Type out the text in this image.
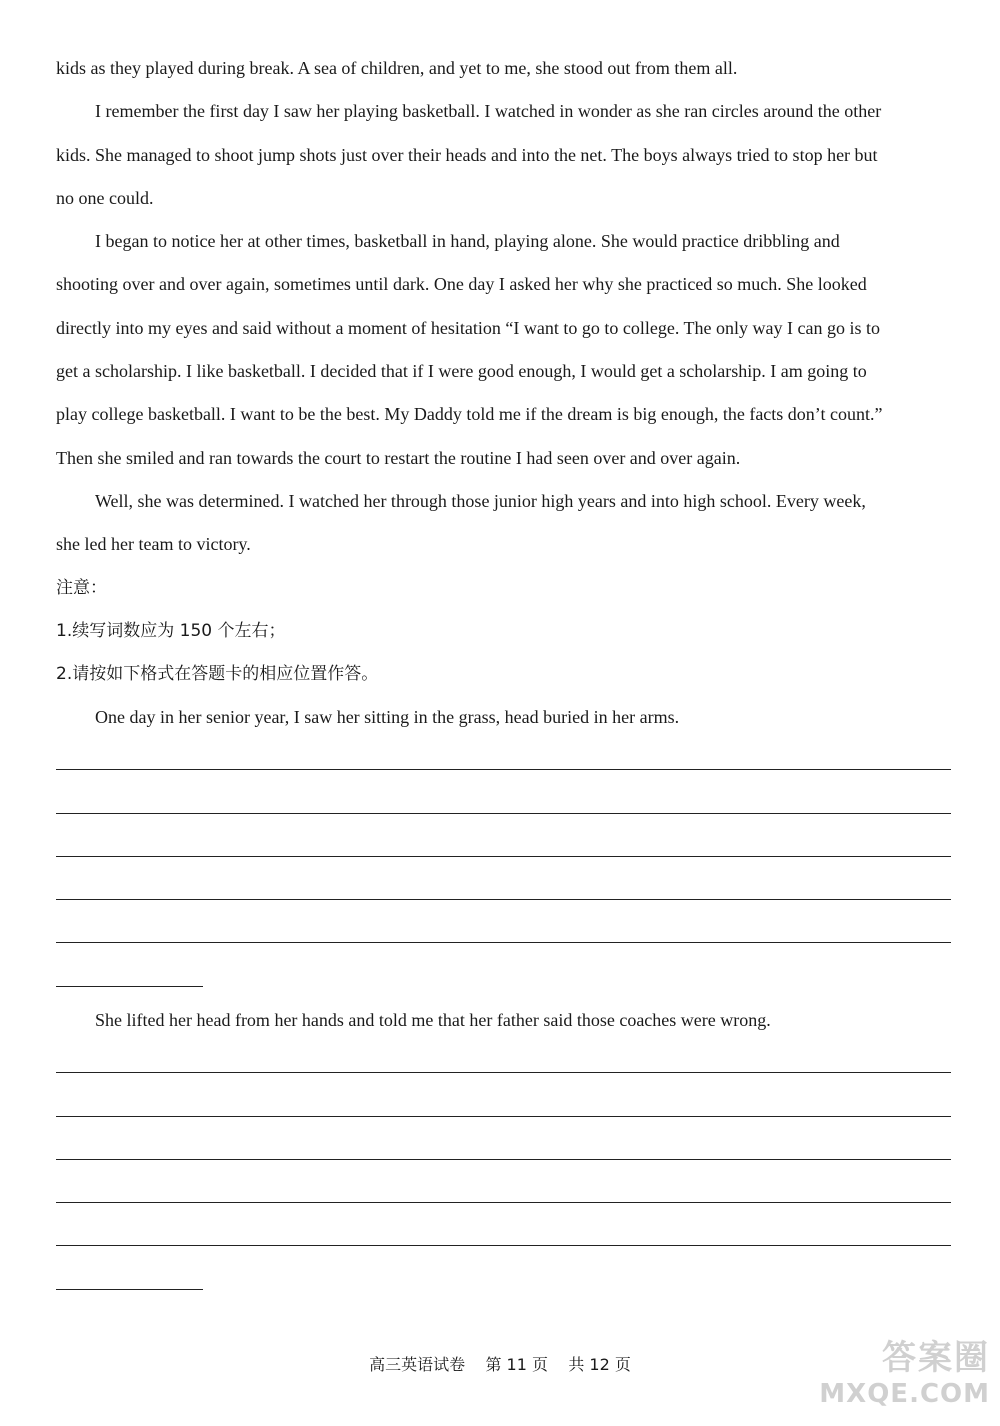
kids as they played during break. A sea of children, and yet to me, she stood out from them all.
I remember the first day I saw her playing basketball. I watched in wonder as she ran circles around the other
kids. She managed to shoot jump shots just over their heads and into the net. The boys always tried to stop her but
no one could.
I began to notice her at other times, basketball in hand, playing alone. She would practice dribbling and
shooting over and over again, sometimes until dark. One day I asked her why she practiced so much. She looked
directly into my eyes and said without a moment of hesitation “I want to go to college. The only way I can go is to
get a scholarship. I like basketball. I decided that if I were good enough, I would get a scholarship. I am going to
play college basketball. I want to be the best. My Daddy told me if the dream is big enough, the facts don’t count.”
Then she smiled and ran towards the court to restart the routine I had seen over and over again.
Well, she was determined. I watched her through those junior high years and into high school. Every week,
she led her team to victory.
注意：
1.续写词数应为 150 个左右；
2.请按如下格式在答题卡的相应位置作答。
One day in her senior year, I saw her sitting in the grass, head buried in her arms.
She lifted her head from her hands and told me that her father said those coaches were wrong.
高三英语试卷    第 11 页    共 12 页	答案圈
MXQE.COM
